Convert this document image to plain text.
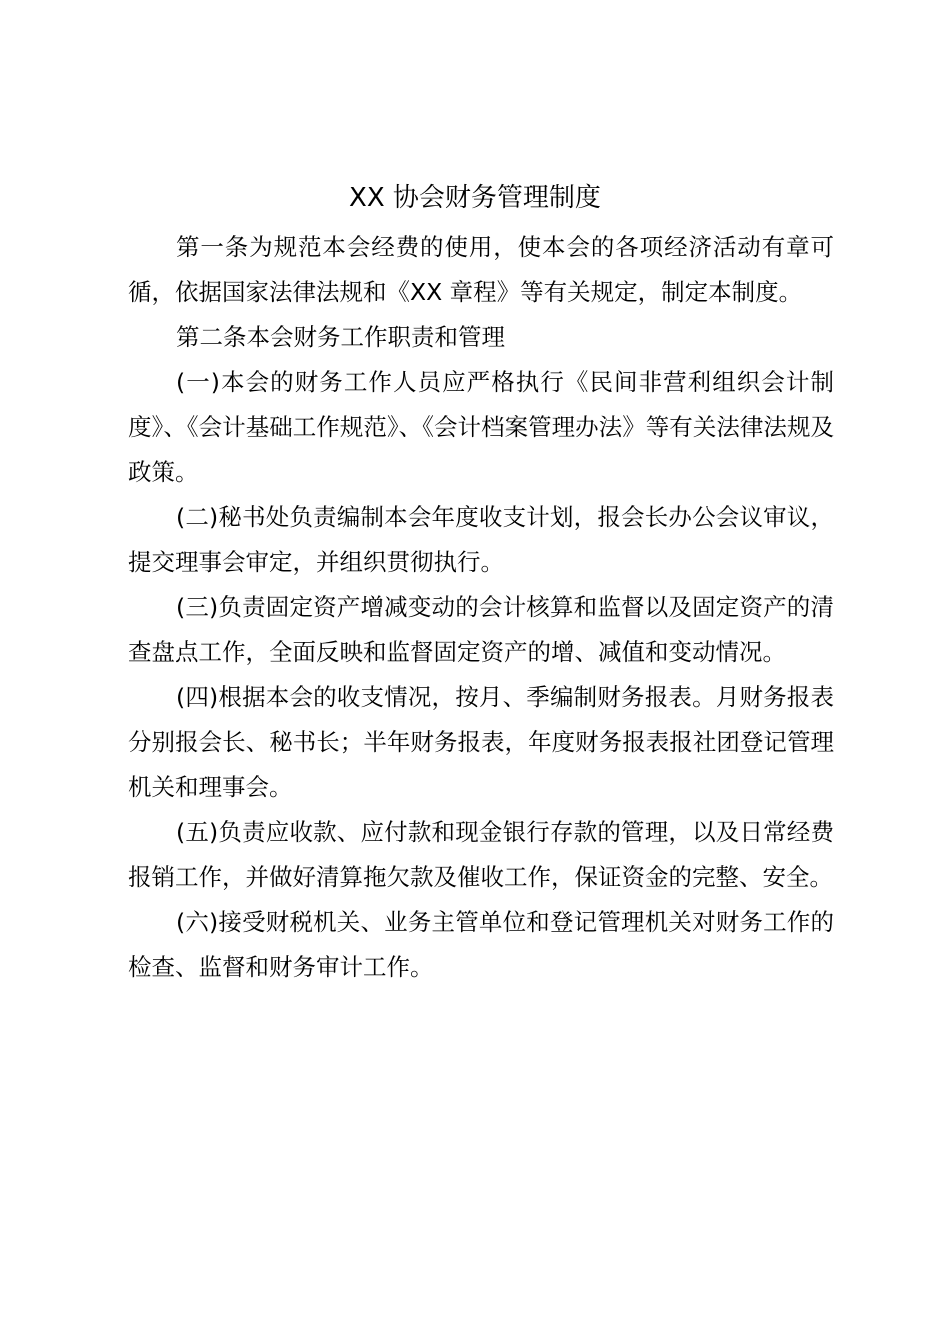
XX 协会财务管理制度

第一条为规范本会经费的使用，使本会的各项经济活动有章可循，依据国家法律法规和《XX 章程》等有关规定，制定本制度。

第二条本会财务工作职责和管理

(一)本会的财务工作人员应严格执行《民间非营利组织会计制度》、《会计基础工作规范》、《会计档案管理办法》等有关法律法规及政策。

(二)秘书处负责编制本会年度收支计划，报会长办公会议审议，提交理事会审定，并组织贯彻执行。

(三)负责固定资产增减变动的会计核算和监督以及固定资产的清查盘点工作，全面反映和监督固定资产的增、减值和变动情况。

(四)根据本会的收支情况，按月、季编制财务报表。月财务报表分别报会长、秘书长；半年财务报表，年度财务报表报社团登记管理机关和理事会。

(五)负责应收款、应付款和现金银行存款的管理，以及日常经费报销工作，并做好清算拖欠款及催收工作，保证资金的完整、安全。

(六)接受财税机关、业务主管单位和登记管理机关对财务工作的检查、监督和财务审计工作。
